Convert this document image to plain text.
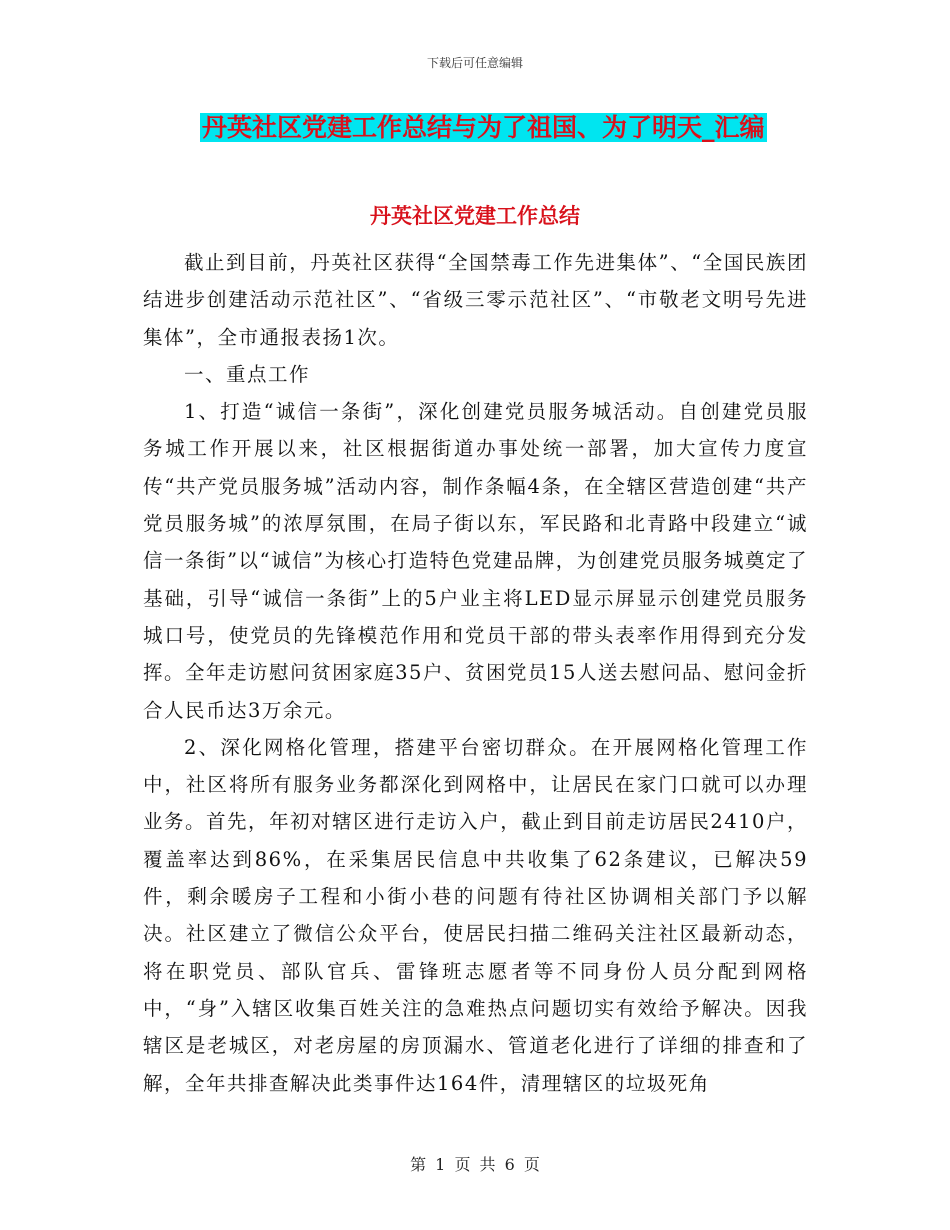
下载后可任意编辑
丹英社区党建工作总结与为了祖国、为了明天_汇编
丹英社区党建工作总结

截止到目前，丹英社区获得“全国禁毒工作先进集体”、“全国民族团结进步创建活动示范社区”、“省级三零示范社区”、“市敬老文明号先进集体”，全市通报表扬1次。

一、重点工作

1、打造“诚信一条街”，深化创建党员服务城活动。自创建党员服务城工作开展以来，社区根据街道办事处统一部署，加大宣传力度宣传“共产党员服务城”活动内容，制作条幅4条，在全辖区营造创建“共产党员服务城”的浓厚氛围，在局子街以东，军民路和北青路中段建立“诚信一条街”以“诚信”为核心打造特色党建品牌，为创建党员服务城奠定了基础，引导“诚信一条街”上的5户业主将LED显示屏显示创建党员服务城口号，使党员的先锋模范作用和党员干部的带头表率作用得到充分发挥。全年走访慰问贫困家庭35户、贫困党员15人送去慰问品、慰问金折合人民币达3万余元。

2、深化网格化管理，搭建平台密切群众。在开展网格化管理工作中，社区将所有服务业务都深化到网格中，让居民在家门口就可以办理业务。首先，年初对辖区进行走访入户，截止到目前走访居民2410户，覆盖率达到86%，在采集居民信息中共收集了62条建议，已解决59件，剩余暖房子工程和小街小巷的问题有待社区协调相关部门予以解决。社区建立了微信公众平台，使居民扫描二维码关注社区最新动态，将在职党员、部队官兵、雷锋班志愿者等不同身份人员分配到网格中，“身”入辖区收集百姓关注的急难热点问题切实有效给予解决。因我辖区是老城区，对老房屋的房顶漏水、管道老化进行了详细的排查和了解，全年共排查解决此类事件达164件，清理辖区的垃圾死角

第 1 页 共 6 页
